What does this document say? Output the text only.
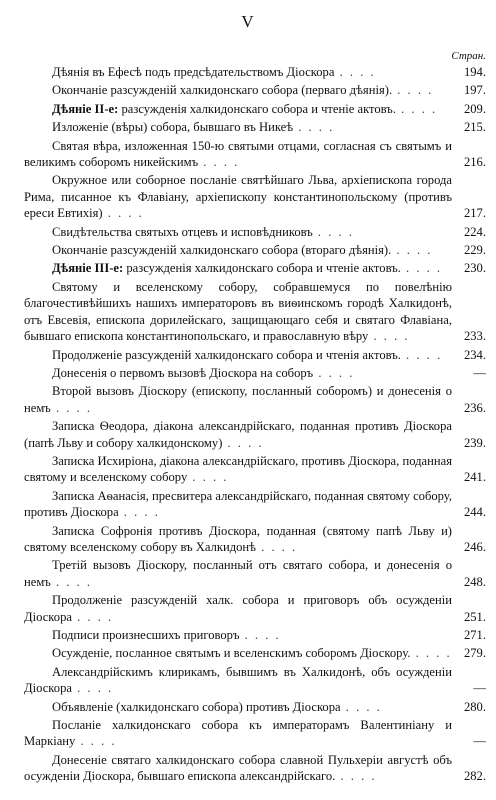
V
Стран.
Дѣянія въ Ефесѣ подъ предсѣдательствомъ Діоскора . . . .	194.
Окончаніе разсужденій халкидонскаго собора (перваго дѣянія). . . . .	197.
Дѣяніе II-е: разсужденія халкидонскаго собора и чтеніе актовъ. . . . .	209.
Изложеніе (вѣры) собора, бывшаго въ Никеѣ . . . .	215.
Святая вѣра, изложенная 150-ю святыми отцами, согласная съ святымъ и великимъ соборомъ никейскимъ . . . .	216.
Окружное или соборное посланіе святѣйшаго Льва, архіепископа города Рима, писанное къ Флавіану, архіепископу константинопольскому (противъ ереси Евтихія) . . . .	217.
Свидѣтельства святыхъ отцевъ и исповѣдниковъ . . . .	224.
Окончаніе разсужденій халкидонскаго собора (втораго дѣянія). . . . .	229.
Дѣяніе III-е: разсужденія халкидонскаго собора и чтеніе актовъ. . . . .	230.
Святому и вселенскому собору, собравшемуся по повелѣнію благочестивѣйшихъ нашихъ императоровъ въ виѳинскомъ городѣ Халкидонѣ, отъ Евсевія, епископа дорилейскаго, защищающаго себя и святаго Флавіана, бывшаго епископа константинопольскаго, и православную вѣру . . . .	233.
Продолженіе разсужденій халкидонскаго собора и чтенія актовъ. . . . .	234.
Донесенія о первомъ вызовѣ Діоскора на соборъ . . . .	—
Второй вызовъ Діоскору (епископу, посланный соборомъ) и донесенія о немъ . . . .	236.
Записка Ѳеодора, діакона александрійскаго, поданная противъ Діоскора (папѣ Льву и собору халкидонскому) . . . .	239.
Записка Исхиріона, діакона александрійскаго, противъ Діоскора, поданная святому и вселенскому собору . . . .	241.
Записка Аѳанасія, пресвитера александрійскаго, поданная святому собору, противъ Діоскора . . . .	244.
Записка Софронія противъ Діоскора, поданная (святому папѣ Льву и) святому вселенскому собору въ Халкидонѣ . . . .	246.
Третій вызовъ Діоскору, посланный отъ святаго собора, и донесенія о немъ . . . .	248.
Продолженіе разсужденій халк. собора и приговоръ объ осужденіи Діоскора . . . .	251.
Подписи произнесшихъ приговоръ . . . .	271.
Осужденіе, посланное святымъ и вселенскимъ соборомъ Діоскору. . . . . 279.
Александрійскимъ клирикамъ, бывшимъ въ Халкидонѣ, объ осужденіи Діоскора . . . .	—
Объявленіе (халкидонскаго собора) противъ Діоскора . . . .	280.
Посланіе халкидонскаго собора къ императорамъ Валентиніану и Маркіану . . . .	—
Донесеніе святаго халкидонскаго собора славной Пульхеріи августѣ объ осужденіи Діоскора, бывшаго епископа александрійскаго. . . . .	282.
